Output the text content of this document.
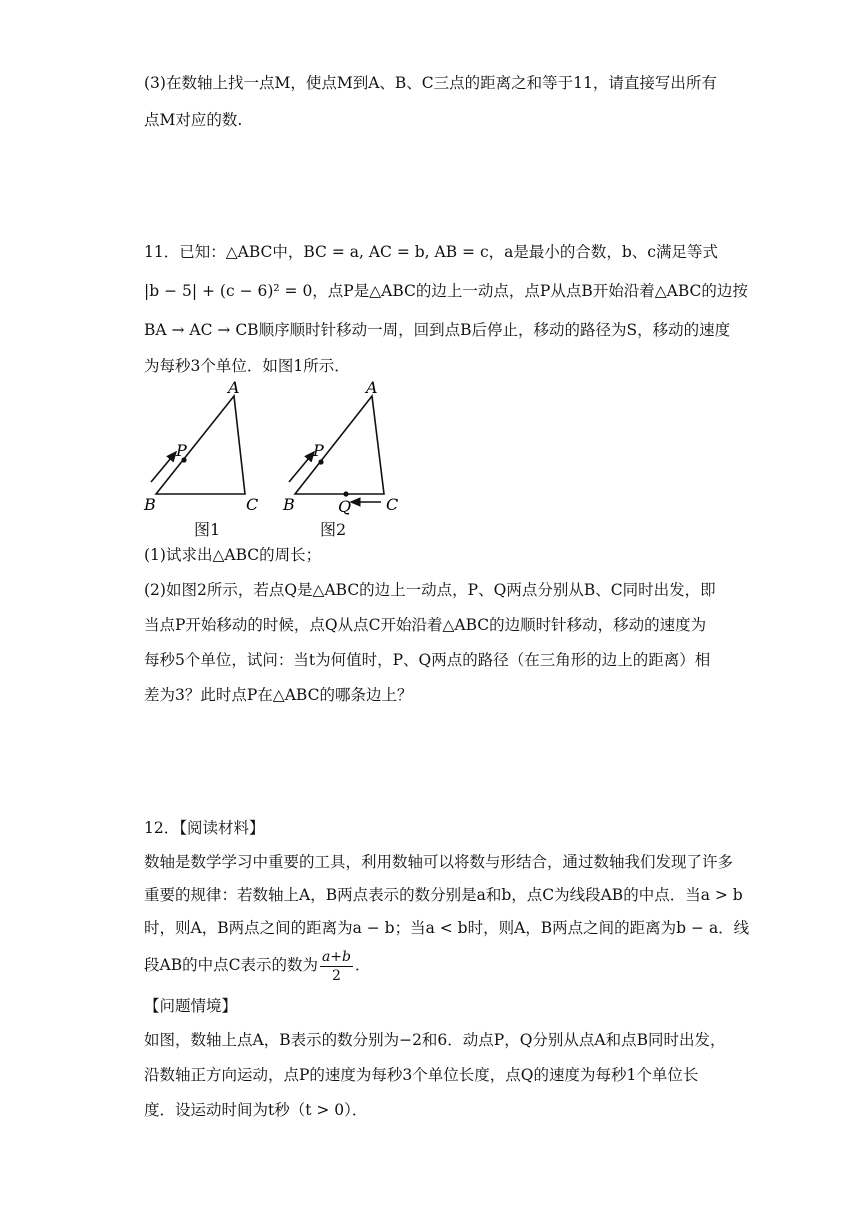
(3)在数轴上找一点M，使点M到A、B、C三点的距离之和等于11，请直接写出所有
点M对应的数.
11．已知：△ABC中，BC = a, AC = b, AB = c，a是最小的合数，b、c满足等式
|b − 5| + (c − 6)² = 0，点P是△ABC的边上一动点，点P从点B开始沿着△ABC的边按
BA → AC → CB顺序顺时针移动一周，回到点B后停止，移动的路径为S，移动的速度
为每秒3个单位．如图1所示．
A
B	C
P
A
B	C
P
Q
图1	图2
(1)试求出△ABC的周长；
(2)如图2所示，若点Q是△ABC的边上一动点，P、Q两点分别从B、C同时出发，即
当点P开始移动的时候，点Q从点C开始沿着△ABC的边顺时针移动，移动的速度为
每秒5个单位，试问：当t为何值时，P、Q两点的路径（在三角形的边上的距离）相
差为3？此时点P在△ABC的哪条边上？
12．【阅读材料】
数轴是数学学习中重要的工具，利用数轴可以将数与形结合，通过数轴我们发现了许多
重要的规律：若数轴上A，B两点表示的数分别是a和b，点C为线段AB的中点．当a > b
时，则A，B两点之间的距离为a − b；当a < b时，则A，B两点之间的距离为b − a．线
段AB的中点C表示的数为 $\frac{a+b}{2}$ ．
【问题情境】
如图，数轴上点A，B表示的数分别为−2和6．动点P，Q分别从点A和点B同时出发，
沿数轴正方向运动，点P的速度为每秒3个单位长度，点Q的速度为每秒1个单位长
度．设运动时间为t秒（t > 0）．
